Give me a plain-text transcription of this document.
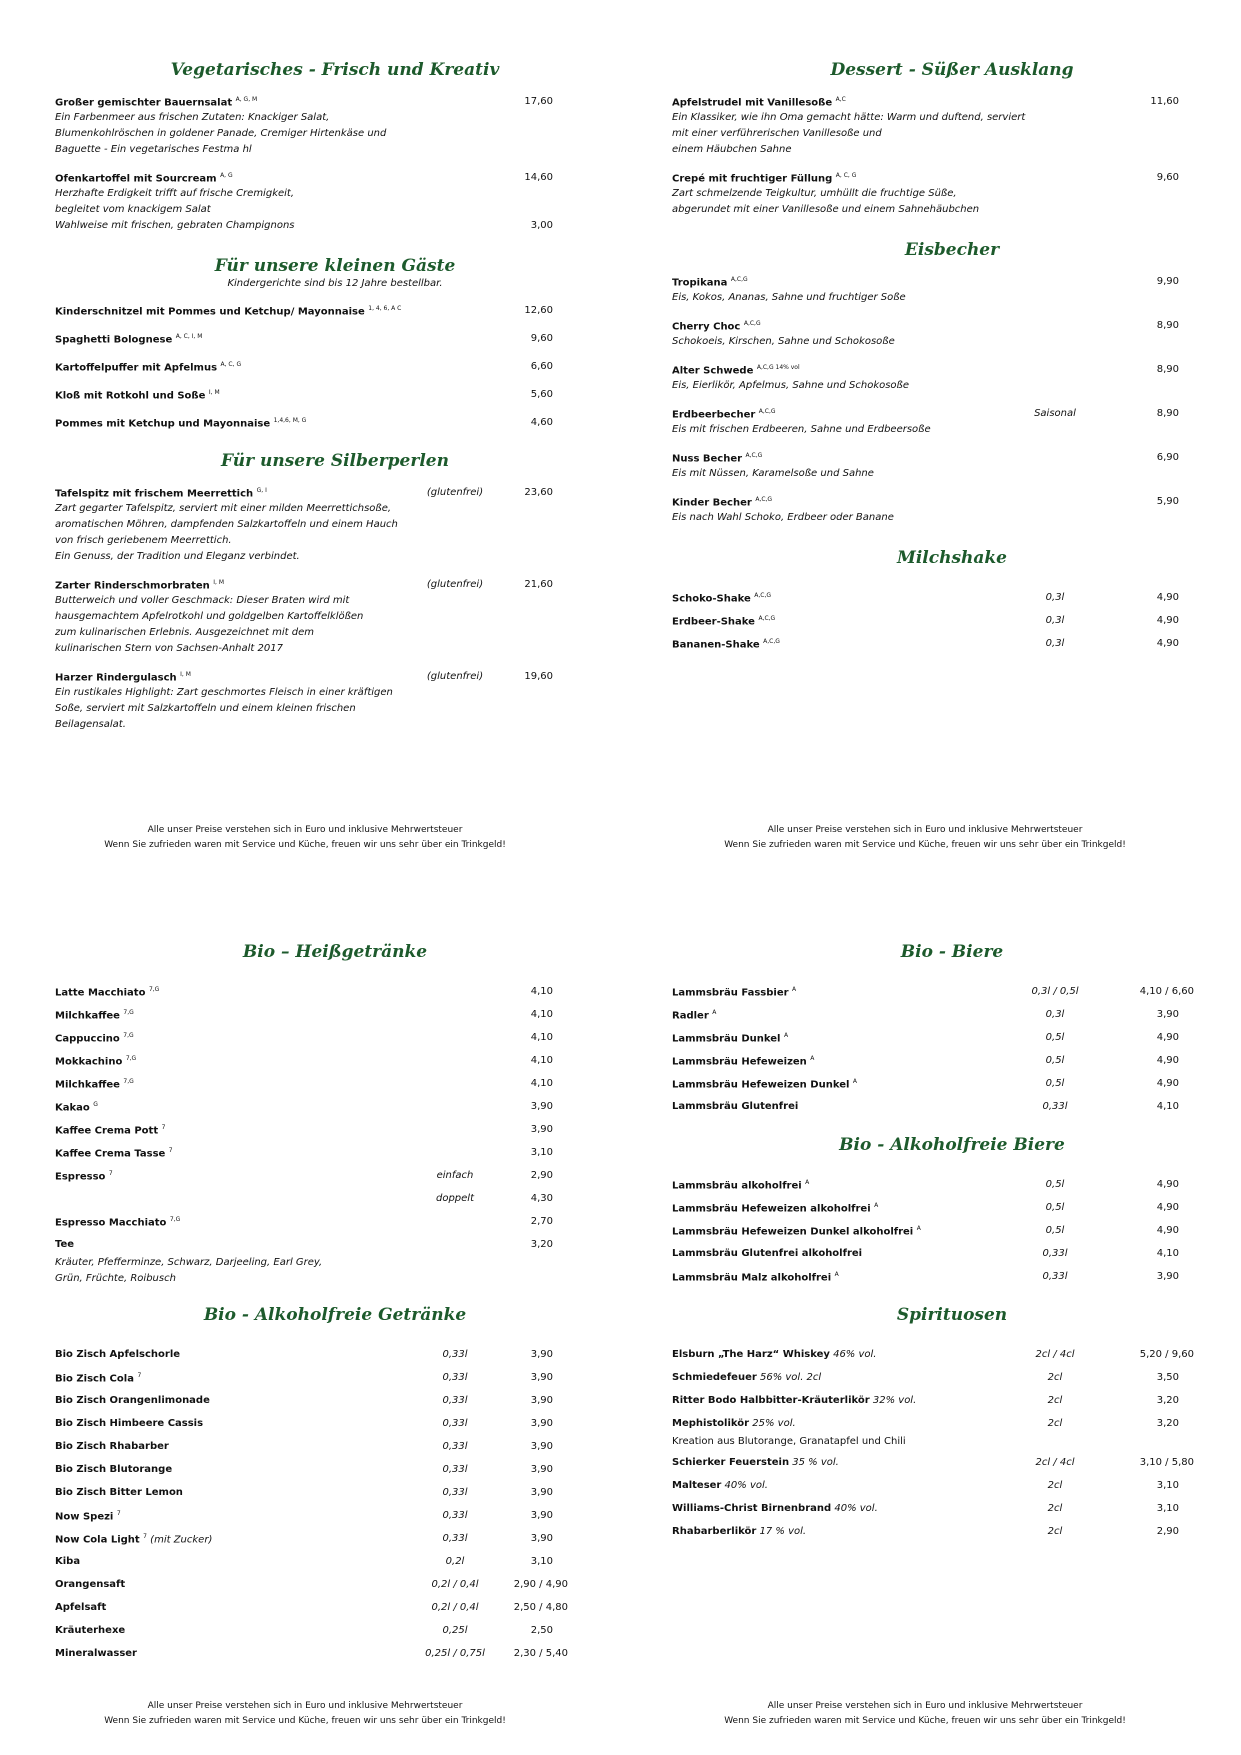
Vegetarisches - Frisch und Kreativ
Großer gemischter Bauernsalat $^{A, G, M}$	17,60
Ein Farbenmeer aus frischen Zutaten: Knackiger Salat,
Blumenkohlröschen in goldener Panade, Cremiger Hirtenkäse und
Baguette - Ein vegetarisches Festma hl
Ofenkartoffel mit Sourcream $^{A, G}$	14,60
Herzhafte Erdigkeit trifft auf frische Cremigkeit,
begleitet vom knackigem Salat
Wahlweise mit frischen, gebraten Champignons	3,00
Für unsere kleinen Gäste
Kindergerichte sind bis 12 Jahre bestellbar.
Kinderschnitzel mit Pommes und Ketchup/ Mayonnaise $^{1, 4, 6, A C}$	12,60
Spaghetti Bolognese $^{A, C, I, M}$	9,60
Kartoffelpuffer mit Apfelmus $^{A, C, G}$	6,60
Kloß mit Rotkohl und Soße $^{I, M}$	5,60
Pommes mit Ketchup und Mayonnaise $^{1,4,6, M, G}$	4,60
Für unsere Silberperlen
Tafelspitz mit frischem Meerrettich $^{G, I}$	(glutenfrei)	23,60
Zart gegarter Tafelspitz, serviert mit einer milden Meerrettichsoße,
aromatischen Möhren, dampfenden Salzkartoffeln und einem Hauch
von frisch geriebenem Meerrettich.
Ein Genuss, der Tradition und Eleganz verbindet.
Zarter Rinderschmorbraten $^{I, M}$	(glutenfrei)	21,60
Butterweich und voller Geschmack: Dieser Braten wird mit
hausgemachtem Apfelrotkohl und goldgelben Kartoffelklößen
zum kulinarischen Erlebnis. Ausgezeichnet mit dem
kulinarischen Stern von Sachsen-Anhalt 2017
Harzer Rindergulasch $^{I, M}$	(glutenfrei)	19,60
Ein rustikales Highlight: Zart geschmortes Fleisch in einer kräftigen
Soße, serviert mit Salzkartoffeln und einem kleinen frischen
Beilagensalat.
Alle unser Preise verstehen sich in Euro und inklusive Mehrwertsteuer
Wenn Sie zufrieden waren mit Service und Küche, freuen wir uns sehr über ein Trinkgeld!
Dessert - Süßer Ausklang
Apfelstrudel mit Vanillesoße $^{A,C}$	11,60
Ein Klassiker, wie ihn Oma gemacht hätte: Warm und duftend, serviert
mit einer verführerischen Vanillesoße und
einem Häubchen Sahne
Crepé mit fruchtiger Füllung $^{A, C, G}$	9,60
Zart schmelzende Teigkultur, umhüllt die fruchtige Süße,
abgerundet mit einer Vanillesoße und einem Sahnehäubchen
Eisbecher
Tropikana $^{A,C,G}$	9,90
Eis, Kokos, Ananas, Sahne und fruchtiger Soße
Cherry Choc $^{A,C,G}$	8,90
Schokoeis, Kirschen, Sahne und Schokosoße
Alter Schwede $^{A,C,G 14\% vol}$	8,90
Eis, Eierlikör, Apfelmus, Sahne und Schokosoße
Erdbeerbecher $^{A,C,G}$	Saisonal	8,90
Eis mit frischen Erdbeeren, Sahne und Erdbeersoße
Nuss Becher $^{A,C,G}$	6,90
Eis mit Nüssen, Karamelsoße und Sahne
Kinder Becher $^{A,C,G}$	5,90
Eis nach Wahl Schoko, Erdbeer oder Banane
Milchshake
Schoko-Shake $^{A,C,G}$	0,3l	4,90
Erdbeer-Shake $^{A,C,G}$	0,3l	4,90
Bananen-Shake $^{A,C,G}$	0,3l	4,90
Alle unser Preise verstehen sich in Euro und inklusive Mehrwertsteuer
Wenn Sie zufrieden waren mit Service und Küche, freuen wir uns sehr über ein Trinkgeld!
Bio – Heißgetränke
Latte Macchiato $^{7,G}$	4,10
Milchkaffee $^{7,G}$	4,10
Cappuccino $^{7,G}$	4,10
Mokkachino $^{7,G}$	4,10
Milchkaffee $^{7,G}$	4,10
Kakao $^G$	3,90
Kaffee Crema Pott $^7$	3,90
Kaffee Crema Tasse $^7$	3,10
Espresso $^7$	einfach	2,90
doppelt	4,30
Espresso Macchiato $^{7,G}$	2,70
Tee	3,20
Kräuter, Pfefferminze, Schwarz, Darjeeling, Earl Grey,
Grün, Früchte, Roibusch
Bio - Alkoholfreie Getränke
Bio Zisch Apfelschorle	0,33l	3,90
Bio Zisch Cola $^7$	0,33l	3,90
Bio Zisch Orangenlimonade	0,33l	3,90
Bio Zisch Himbeere Cassis	0,33l	3,90
Bio Zisch Rhabarber	0,33l	3,90
Bio Zisch Blutorange	0,33l	3,90
Bio Zisch Bitter Lemon	0,33l	3,90
Now Spezi $^7$	0,33l	3,90
Now Cola Light $^7$ (mit Zucker)	0,33l	3,90
Kiba	0,2l	3,10
Orangensaft	0,2l / 0,4l	2,90 / 4,90
Apfelsaft	0,2l / 0,4l	2,50 / 4,80
Kräuterhexe	0,25l	2,50
Mineralwasser	0,25l / 0,75l	2,30 / 5,40
Alle unser Preise verstehen sich in Euro und inklusive Mehrwertsteuer
Wenn Sie zufrieden waren mit Service und Küche, freuen wir uns sehr über ein Trinkgeld!
Bio - Biere
Lammsbräu Fassbier $^A$	0,3l / 0,5l	4,10 / 6,60
Radler $^A$	0,3l	3,90
Lammsbräu Dunkel $^A$	0,5l	4,90
Lammsbräu Hefeweizen $^A$	0,5l	4,90
Lammsbräu Hefeweizen Dunkel $^A$	0,5l	4,90
Lammsbräu Glutenfrei	0,33l	4,10
Bio - Alkoholfreie Biere
Lammsbräu alkoholfrei $^A$	0,5l	4,90
Lammsbräu Hefeweizen alkoholfrei $^A$	0,5l	4,90
Lammsbräu Hefeweizen Dunkel alkoholfrei $^A$	0,5l	4,90
Lammsbräu Glutenfrei alkoholfrei	0,33l	4,10
Lammsbräu Malz alkoholfrei $^A$	0,33l	3,90
Spirituosen
Elsburn „The Harz“ Whiskey 46% vol.	2cl / 4cl	5,20 / 9,60
Schmiedefeuer 56% vol. 2cl	2cl	3,50
Ritter Bodo Halbbitter-Kräuterlikör 32% vol.	2cl	3,20
Mephistolikör 25% vol.	2cl	3,20
Kreation aus Blutorange, Granatapfel und Chili
Schierker Feuerstein 35 % vol.	2cl / 4cl	3,10 / 5,80
Malteser 40% vol.	2cl	3,10
Williams-Christ Birnenbrand 40% vol.	2cl	3,10
Rhabarberlikör 17 % vol.	2cl	2,90
Alle unser Preise verstehen sich in Euro und inklusive Mehrwertsteuer
Wenn Sie zufrieden waren mit Service und Küche, freuen wir uns sehr über ein Trinkgeld!
